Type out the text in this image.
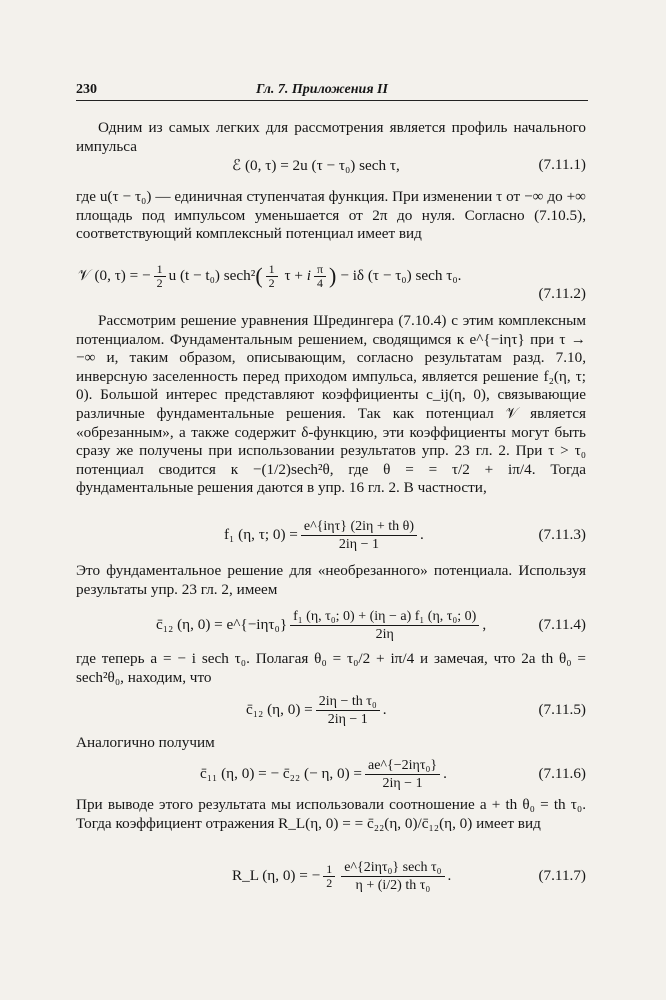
230	Гл. 7. Приложения II
Одним из самых легких для рассмотрения является профиль начального импульса
ℰ (0, τ) = 2u (τ − τ₀) sech τ,	(7.11.1)
где u(τ − τ₀) — единичная ступенчатая функция. При изменении τ от −∞ до +∞ площадь под импульсом уменьшается от 2π до нуля. Согласно (7.10.5), соответствующий комплексный потенциал имеет вид
𝒱 (0, τ) = − $\frac{1}{2}$ u (t − t₀) sech² ( $\frac{1}{2}$ τ + i $\frac{\pi}{4}$ ) − iδ (τ − τ₀) sech τ₀.
(7.11.2)
Рассмотрим решение уравнения Шредингера (7.10.4) с этим комплексным потенциалом. Фундаментальным решением, сводящимся к e^{−iητ} при τ → −∞ и, таким образом, описывающим, согласно результатам разд. 7.10, инверсную заселенность перед приходом импульса, является решение f₂(η, τ; 0). Большой интерес представляют коэффициенты c_ij(η, 0), связывающие различные фундаментальные решения. Так как потенциал 𝒱 является «обрезанным», а также содержит δ-функцию, эти коэффициенты могут быть сразу же получены при использовании результатов упр. 23 гл. 2. При τ > τ₀ потенциал сводится к −(1/2)sech²θ, где θ = = τ/2 + iπ/4. Тогда фундаментальные решения даются в упр. 16 гл. 2. В частности,
f₁ (η, τ; $0) = \frac{\text{e\textasciicircum{}\{iητ\} (2iη + th θ)}}{2i\eta - 1}$ .	(7.11.3)
Это фундаментальное решение для «необрезанного» потенциала. Используя результаты упр. 23 гл. 2, имеем
c̄₁₂ (η, 0) = e^{−iητ₀} $\frac{\text{f₁ (η, τ₀; 0) + (iη − a) f₁ (η, τ₀; 0)}}{2i\eta}$ ,	(7.11.4)
где теперь a = − i sech τ₀. Полагая θ₀ = τ₀/2 + iπ/4 и замечая, что 2a th θ₀ = sech²θ₀, находим, что
c̄₁₂ (η, $0) = \frac{\text{2iη − th τ₀}}{2i\eta - 1}$ .	(7.11.5)
Аналогично получим
c̄₁₁ (η, 0) = − c̄₂₂ (− η, $0) = \frac{\text{ae\textasciicircum{}\{−2iητ₀\}}}{2i\eta - 1}$ .	(7.11.6)
При выводе этого результата мы использовали соотношение a + th θ₀ = th τ₀. Тогда коэффициент отражения R_L(η, 0) = = c̄₂₂(η, 0)/c̄₁₂(η, 0) имеет вид
R_L (η, 0) = − $\frac{1}{2} \frac{\text{e\textasciicircum{}\{2iητ₀\} sech τ₀}}{\text{η + (i/2) th τ₀}}$ .	(7.11.7)
